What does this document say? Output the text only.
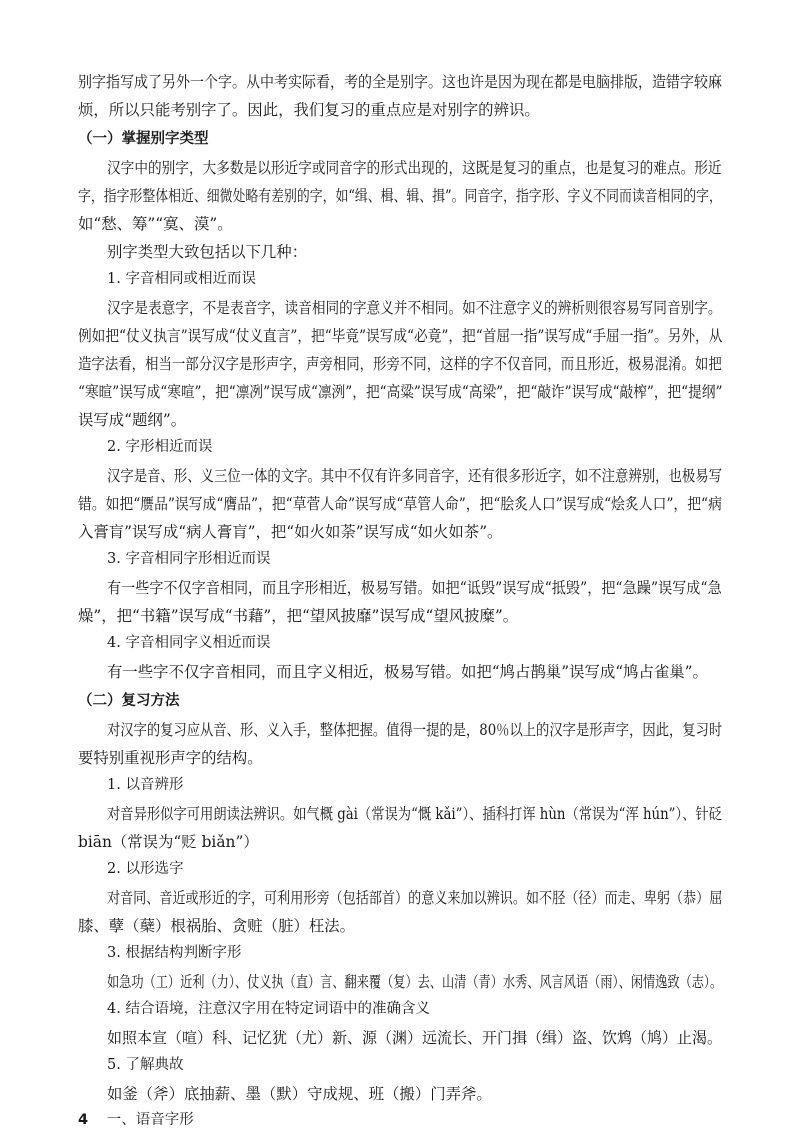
别字指写成了另外一个字。从中考实际看，考的全是别字。这也许是因为现在都是电脑排版，造错字较麻
烦，所以只能考别字了。因此，我们复习的重点应是对别字的辨识。
（一）掌握别字类型
汉字中的别字，大多数是以形近字或同音字的形式出现的，这既是复习的重点，也是复习的难点。形近
字，指字形整体相近、细微处略有差别的字，如“缉、楫、辑、揖”。同音字，指字形、字义不同而读音相同的字，
如“愁、筹”“寞、漠”。
别字类型大致包括以下几种：
1. 字音相同或相近而误
汉字是表意字，不是表音字，读音相同的字意义并不相同。如不注意字义的辨析则很容易写同音别字。
例如把“仗义执言”误写成“仗义直言”，把“毕竟”误写成“必竟”，把“首屈一指”误写成“手屈一指”。另外，从
造字法看，相当一部分汉字是形声字，声旁相同，形旁不同，这样的字不仅音同，而且形近，极易混淆。如把
“寒暄”误写成“寒喧”，把“凛冽”误写成“凛洌”，把“高粱”误写成“高梁”，把“敲诈”误写成“敲榨”，把“提纲”
误写成“题纲”。
2. 字形相近而误
汉字是音、形、义三位一体的文字。其中不仅有许多同音字，还有很多形近字，如不注意辨别，也极易写
错。如把“赝品”误写成“膺品”，把“草菅人命”误写成“草管人命”，把“脍炙人口”误写成“烩炙人口”，把“病
入膏肓”误写成“病人膏肓”，把“如火如荼”误写成“如火如茶”。
3. 字音相同字形相近而误
有一些字不仅字音相同，而且字形相近，极易写错。如把“诋毁”误写成“抵毁”，把“急躁”误写成“急
燥”，把“书籍”误写成“书藉”，把“望风披靡”误写成“望风披糜”。
4. 字音相同字义相近而误
有一些字不仅字音相同，而且字义相近，极易写错。如把“鸠占鹊巢”误写成“鸠占雀巢”。
（二）复习方法
对汉字的复习应从音、形、义入手，整体把握。值得一提的是，80％以上的汉字是形声字，因此，复习时
要特别重视形声字的结构。
1. 以音辨形
对音异形似字可用朗读法辨识。如气概 gài（常误为“慨 kǎi”）、插科打诨 hùn（常误为“浑 hún”）、针砭
biān（常误为“贬 biǎn”）
2. 以形选字
对音同、音近或形近的字，可利用形旁（包括部首）的意义来加以辨识。如不胫（径）而走、卑躬（恭）屈
膝、孽（蘖）根祸胎、贪赃（脏）枉法。
3. 根据结构判断字形
如急功（工）近利（力）、仗义执（直）言、翻来覆（复）去、山清（青）水秀、风言风语（雨）、闲情逸致（志）。
4. 结合语境，注意汉字用在特定词语中的准确含义
如照本宣（喧）科、记忆犹（尤）新、源（渊）远流长、开门揖（缉）盗、饮鸩（鸠）止渴。
5. 了解典故
如釜（斧）底抽薪、墨（默）守成规、班（搬）门弄斧。
4 一、语音字形
